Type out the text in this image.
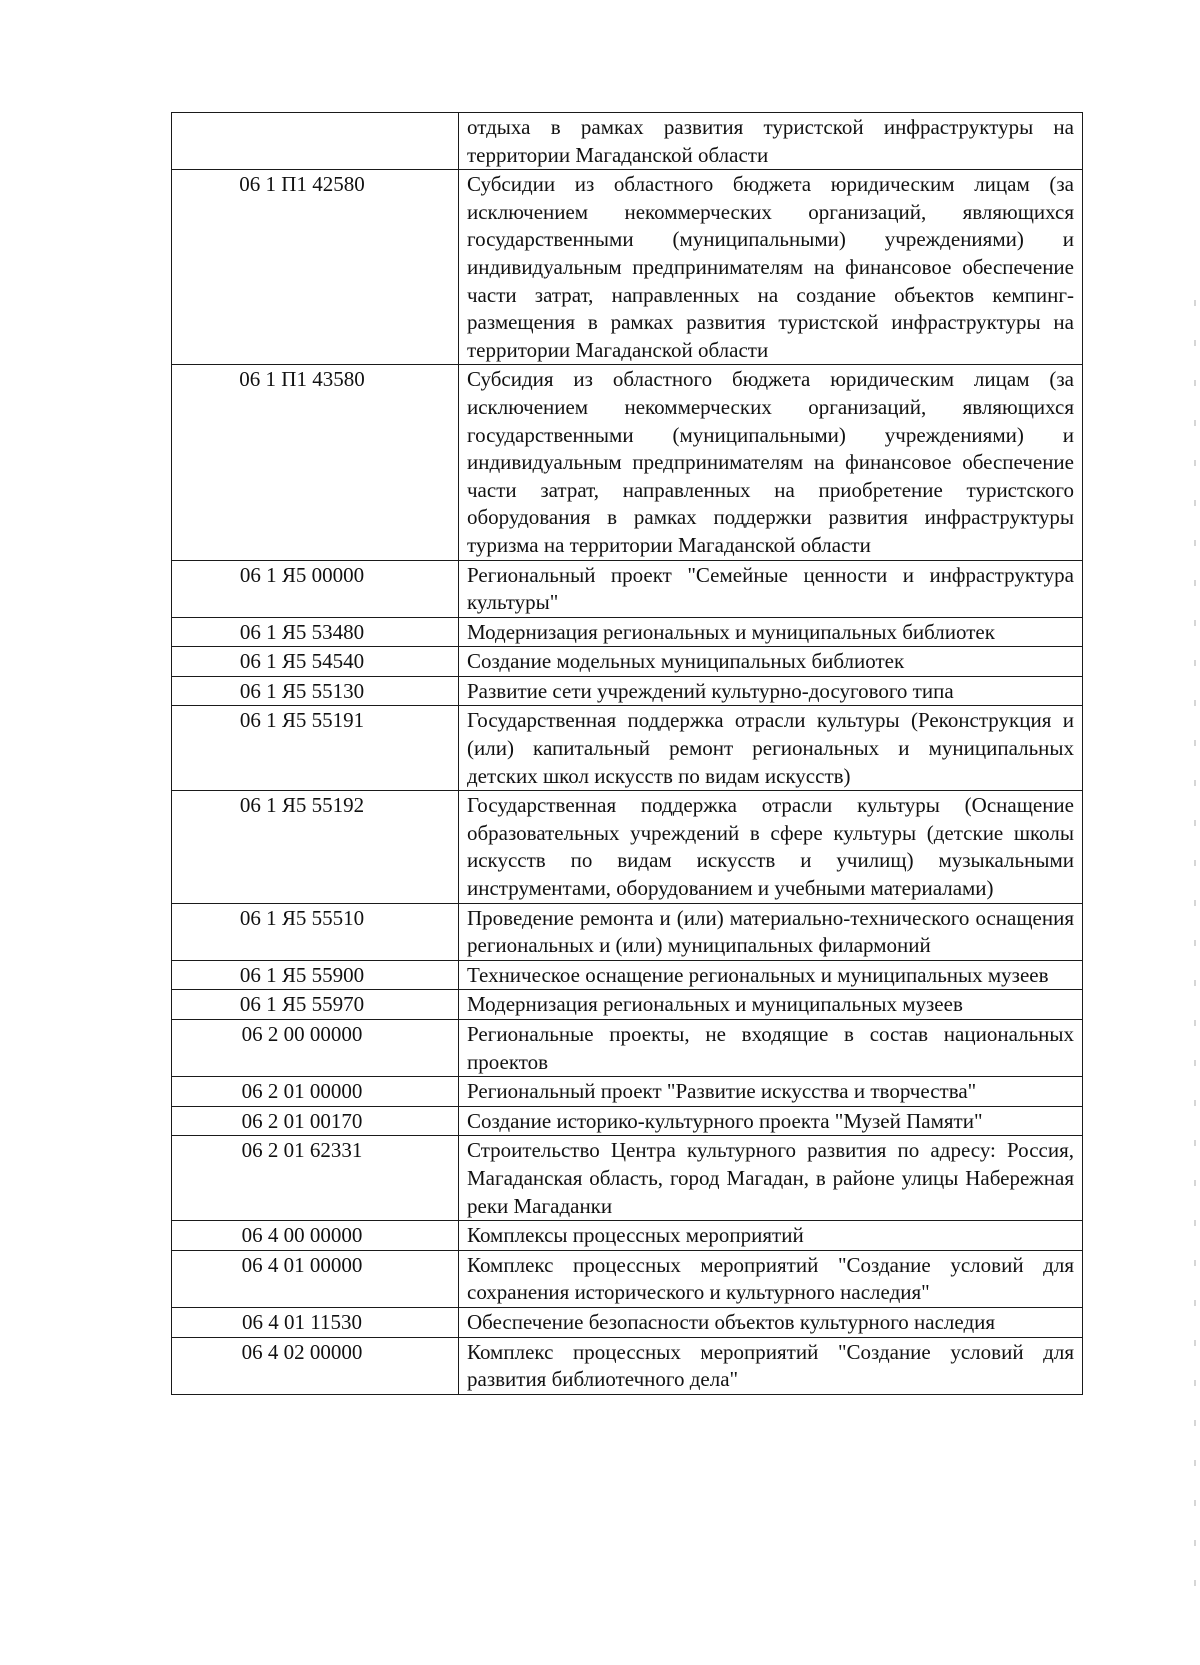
	отдыха в рамках развития туристской инфраструктуры на территории Магаданской области
06 1 П1 42580	Субсидии из областного бюджета юридическим лицам (за исключением некоммерческих организаций, являющихся государственными (муниципальными) учреждениями) и индивидуальным предпринимателям на финансовое обеспечение части затрат, направленных на создание объектов кемпинг-размещения в рамках развития туристской инфраструктуры на территории Магаданской области
06 1 П1 43580	Субсидия из областного бюджета юридическим лицам (за исключением некоммерческих организаций, являющихся государственными (муниципальными) учреждениями) и индивидуальным предпринимателям на финансовое обеспечение части затрат, направленных на приобретение туристского оборудования в рамках поддержки развития инфраструктуры туризма на территории Магаданской области
06 1 Я5 00000	Региональный проект "Семейные ценности и инфраструктура культуры"
06 1 Я5 53480	Модернизация региональных и муниципальных библиотек
06 1 Я5 54540	Создание модельных муниципальных библиотек
06 1 Я5 55130	Развитие сети учреждений культурно-досугового типа
06 1 Я5 55191	Государственная поддержка отрасли культуры (Реконструкция и (или) капитальный ремонт региональных и муниципальных детских школ искусств по видам искусств)
06 1 Я5 55192	Государственная поддержка отрасли культуры (Оснащение образовательных учреждений в сфере культуры (детские школы искусств по видам искусств и училищ) музыкальными инструментами, оборудованием и учебными материалами)
06 1 Я5 55510	Проведение ремонта и (или) материально-технического оснащения региональных и (или) муниципальных филармоний
06 1 Я5 55900	Техническое оснащение региональных и муниципальных музеев
06 1 Я5 55970	Модернизация региональных и муниципальных музеев
06 2 00 00000	Региональные проекты, не входящие в состав национальных проектов
06 2 01 00000	Региональный проект "Развитие искусства и творчества"
06 2 01 00170	Создание историко-культурного проекта "Музей Памяти"
06 2 01 62331	Строительство Центра культурного развития по адресу: Россия, Магаданская область, город Магадан, в районе улицы Набережная реки Магаданки
06 4 00 00000	Комплексы процессных мероприятий
06 4 01 00000	Комплекс процессных мероприятий "Создание условий для сохранения исторического и культурного наследия"
06 4 01 11530	Обеспечение безопасности объектов культурного наследия
06 4 02 00000	Комплекс процессных мероприятий "Создание условий для развития библиотечного дела"
